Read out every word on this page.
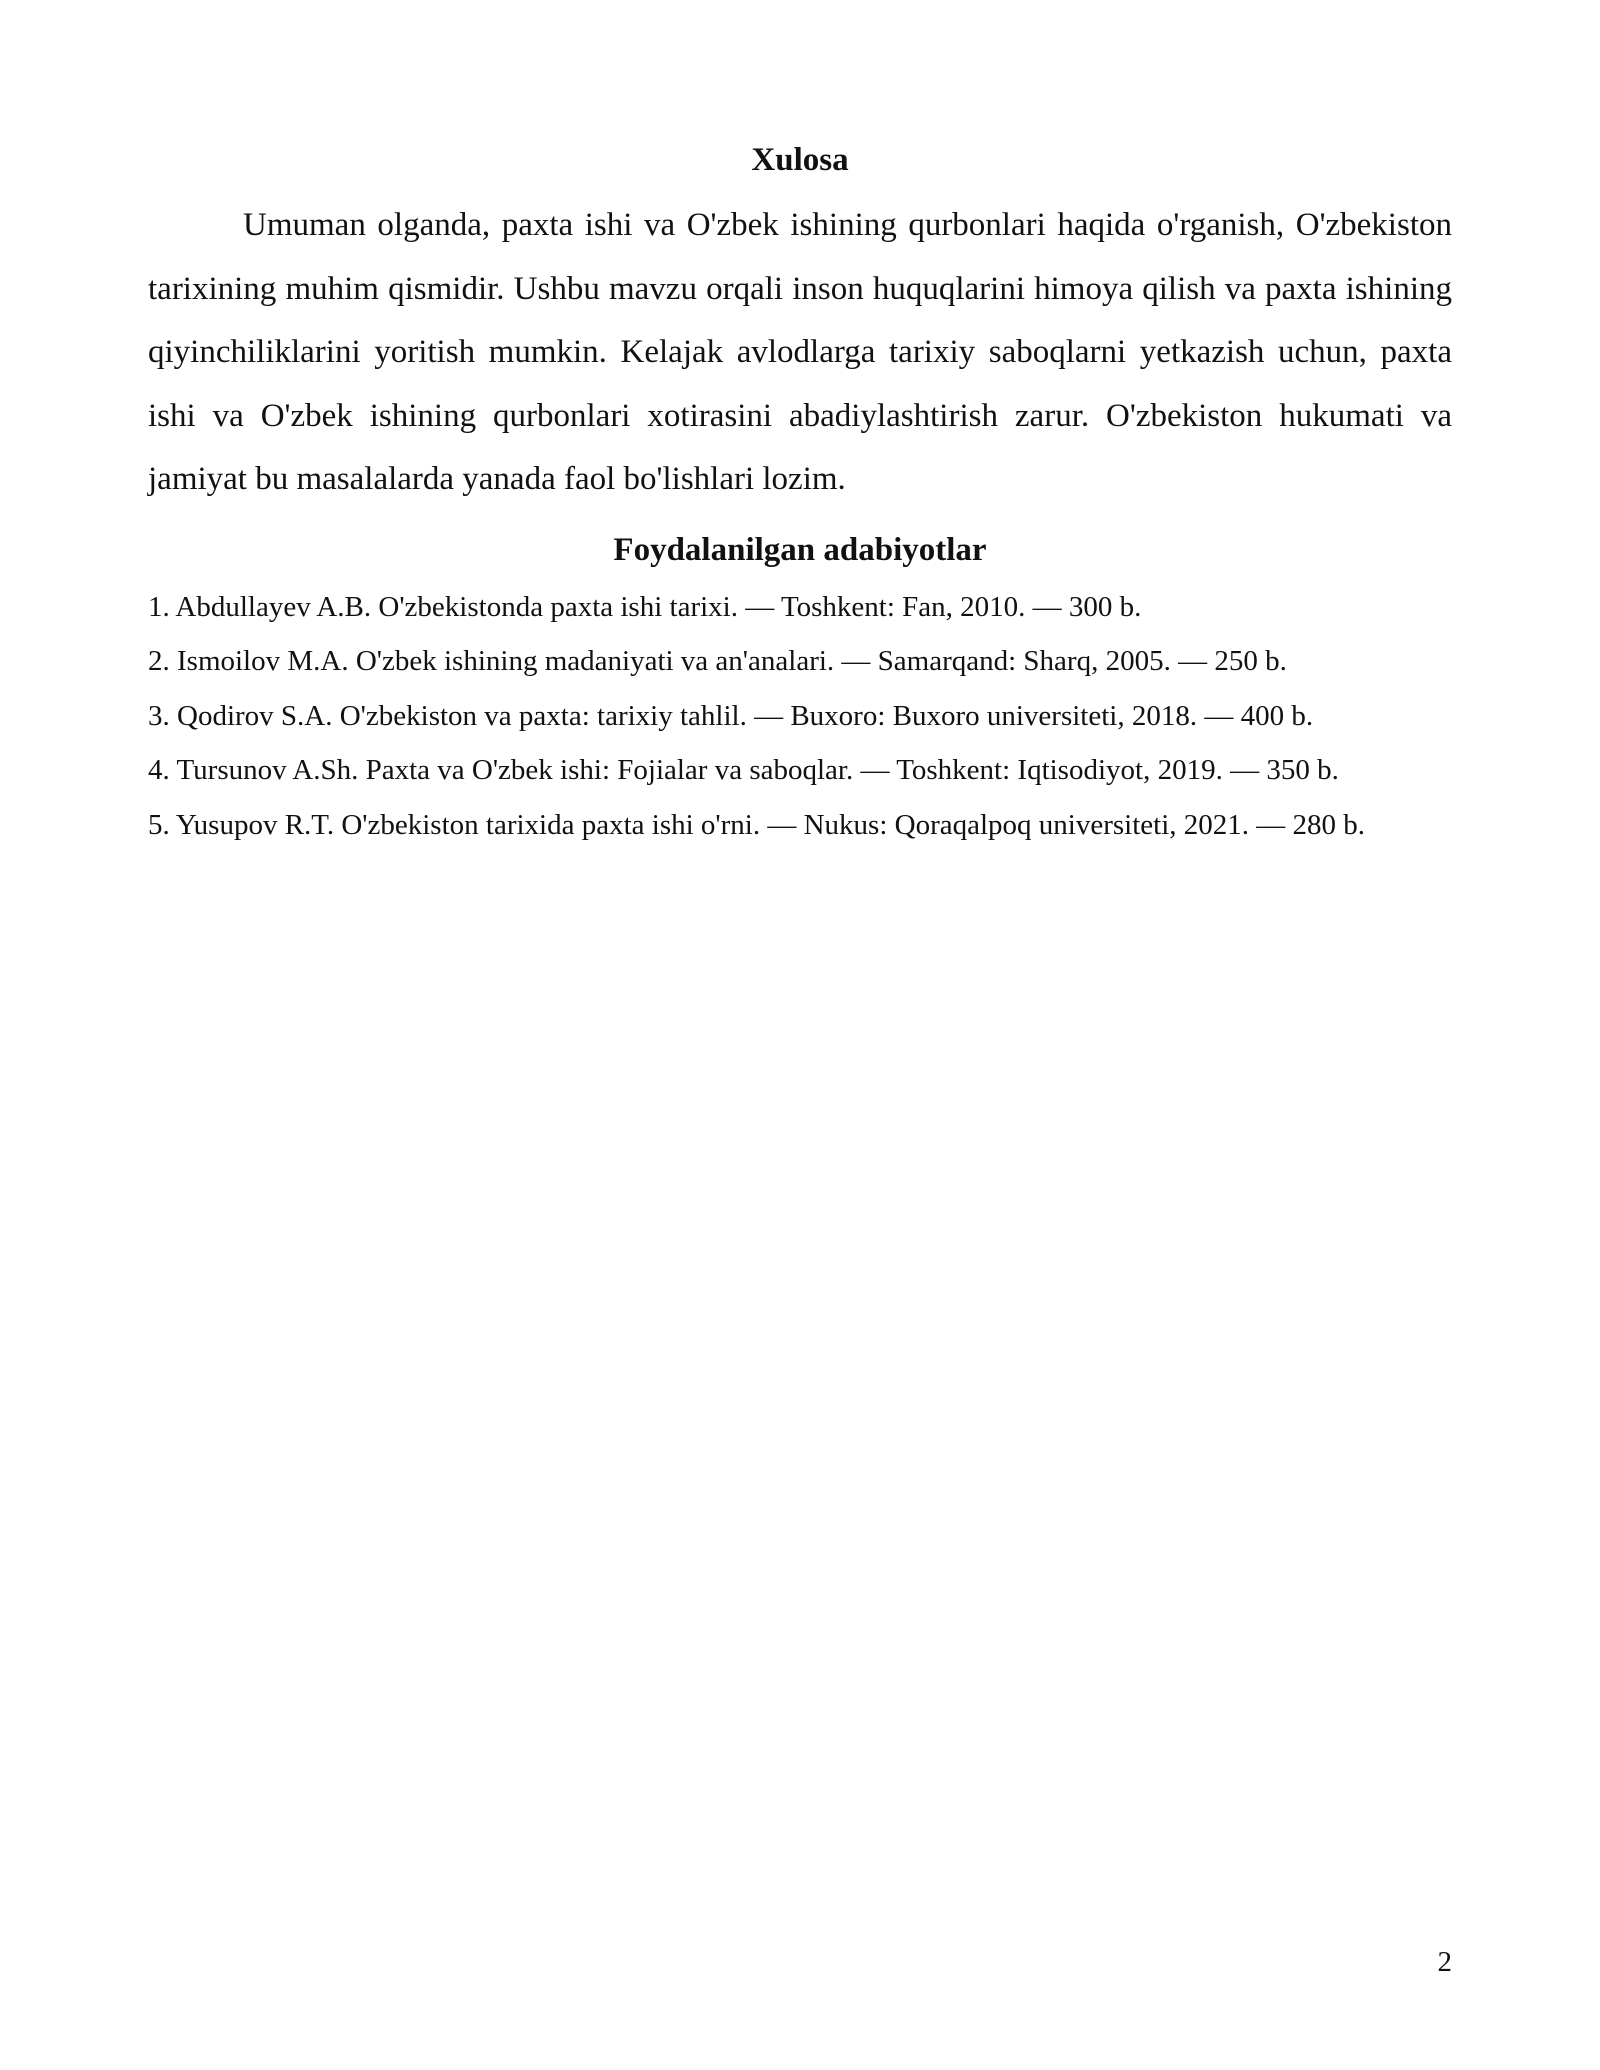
Xulosa

Umuman olganda, paxta ishi va O'zbek ishining qurbonlari haqida o'rganish, O'zbekiston tarixining muhim qismidir. Ushbu mavzu orqali inson huquqlarini himoya qilish va paxta ishining qiyinchiliklarini yoritish mumkin. Kelajak avlodlarga tarixiy saboqlarni yetkazish uchun, paxta ishi va O'zbek ishining qurbonlari xotirasini abadiylashtirish zarur. O'zbekiston hukumati va jamiyat bu masalalarda yanada faol bo'lishlari lozim.

Foydalanilgan adabiyotlar
1. Abdullayev A.B. O'zbekistonda paxta ishi tarixi. — Toshkent: Fan, 2010. — 300 b.
2. Ismoilov M.A. O'zbek ishining madaniyati va an'analari. — Samarqand: Sharq, 2005. — 250 b.
3. Qodirov S.A. O'zbekiston va paxta: tarixiy tahlil. — Buxoro: Buxoro universiteti, 2018. — 400 b.
4. Tursunov A.Sh. Paxta va O'zbek ishi: Fojialar va saboqlar. — Toshkent: Iqtisodiyot, 2019. — 350 b.
5. Yusupov R.T. O'zbekiston tarixida paxta ishi o'rni. — Nukus: Qoraqalpoq universiteti, 2021. — 280 b.
2
